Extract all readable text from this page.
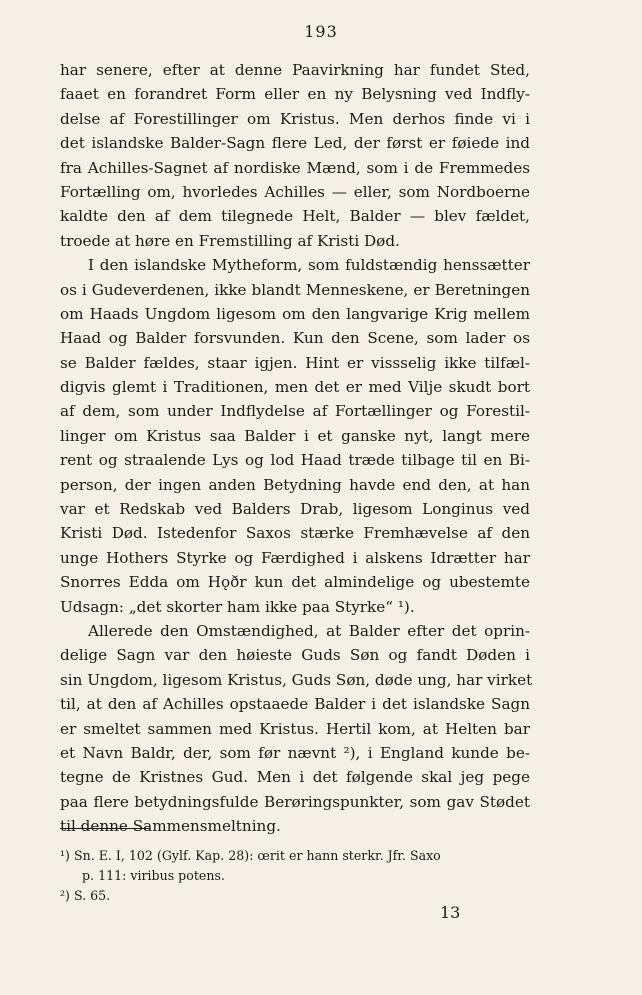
193
har senere, efter at denne Paavirkning har fundet Sted,
faaet en forandret Form eller en ny Belysning ved Indfly-
delse af Forestillinger om Kristus. Men derhos finde vi i
det islandske Balder-Sagn flere Led, der først er føiede ind
fra Achilles-Sagnet af nordiske Mænd, som i de Fremmedes
Fortælling om, hvorledes Achilles — eller, som Nordboerne
kaldte den af dem tilegnede Helt, Balder — blev fældet,
troede at høre en Fremstilling af Kristi Død.
I den islandske Mytheform, som fuldstændig henssætter
os i Gudeverdenen, ikke blandt Menneskene, er Beretningen
om Haads Ungdom ligesom om den langvarige Krig mellem
Haad og Balder forsvunden. Kun den Scene, som lader os
se Balder fældes, staar igjen. Hint er vissselig ikke tilfæl-
digvis glemt i Traditionen, men det er med Vilje skudt bort
af dem, som under Indflydelse af Fortællinger og Forestil-
linger om Kristus saa Balder i et ganske nyt, langt mere
rent og straalende Lys og lod Haad træde tilbage til en Bi-
person, der ingen anden Betydning havde end den, at han
var et Redskab ved Balders Drab, ligesom Longinus ved
Kristi Død. Istedenfor Saxos stærke Fremhævelse af den
unge Hothers Styrke og Færdighed i alskens Idrætter har
Snorres Edda om Hǫðr kun det almindelige og ubestemte
Udsagn: „det skorter ham ikke paa Styrke“ ¹).
Allerede den Omstændighed, at Balder efter det oprin-
delige Sagn var den høieste Guds Søn og fandt Døden i
sin Ungdom, ligesom Kristus, Guds Søn, døde ung, har virket
til, at den af Achilles opstaaede Balder i det islandske Sagn
er smeltet sammen med Kristus. Hertil kom, at Helten bar
et Navn Baldr, der, som før nævnt ²), i England kunde be-
tegne de Kristnes Gud. Men i det følgende skal jeg pege
paa flere betydningsfulde Berøringspunkter, som gav Stødet
til denne Sammensmeltning.
¹) Sn. E. I, 102 (Gylf. Kap. 28): œrit er hann sterkr. Jfr. Saxo
p. 111: viribus potens.
²) S. 65.
13
